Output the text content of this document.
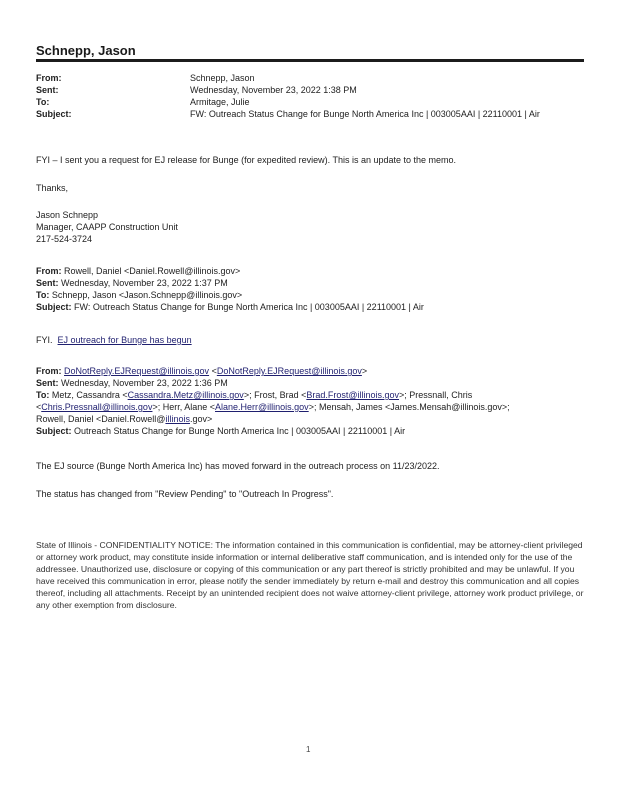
Schnepp, Jason
From:	Schnepp, Jason
Sent:	Wednesday, November 23, 2022 1:38 PM
To:	Armitage, Julie
Subject:	FW: Outreach Status Change for Bunge North America Inc | 003005AAI | 22110001 | Air
FYI – I sent you a request for EJ release for Bunge (for expedited review). This is an update to the memo.
Thanks,
Jason Schnepp
Manager, CAAPP Construction Unit
217-524-3724
From: Rowell, Daniel <Daniel.Rowell@illinois.gov>
Sent: Wednesday, November 23, 2022 1:37 PM
To: Schnepp, Jason <Jason.Schnepp@illinois.gov>
Subject: FW: Outreach Status Change for Bunge North America Inc | 003005AAI | 22110001 | Air
FYI. EJ outreach for Bunge has begun
From: DoNotReply.EJRequest@illinois.gov <DoNotReply.EJRequest@illinois.gov>
Sent: Wednesday, November 23, 2022 1:36 PM
To: Metz, Cassandra <Cassandra.Metz@illinois.gov>; Frost, Brad <Brad.Frost@illinois.gov>; Pressnall, Chris
<Chris.Pressnall@illinois.gov>; Herr, Alane <Alane.Herr@illinois.gov>; Mensah, James <James.Mensah@illinois.gov>;
Rowell, Daniel <Daniel.Rowell@illinois.gov>
Subject: Outreach Status Change for Bunge North America Inc | 003005AAI | 22110001 | Air
The EJ source (Bunge North America Inc) has moved forward in the outreach process on 11/23/2022.
The status has changed from "Review Pending" to "Outreach In Progress".
State of Illinois - CONFIDENTIALITY NOTICE: The information contained in this communication is confidential, may be attorney-client privileged or attorney work product, may constitute inside information or internal deliberative staff communication, and is intended only for the use of the addressee. Unauthorized use, disclosure or copying of this communication or any part thereof is strictly prohibited and may be unlawful. If you have received this communication in error, please notify the sender immediately by return e-mail and destroy this communication and all copies thereof, including all attachments. Receipt by an unintended recipient does not waive attorney-client privilege, attorney work product privilege, or any other exemption from disclosure.
1
